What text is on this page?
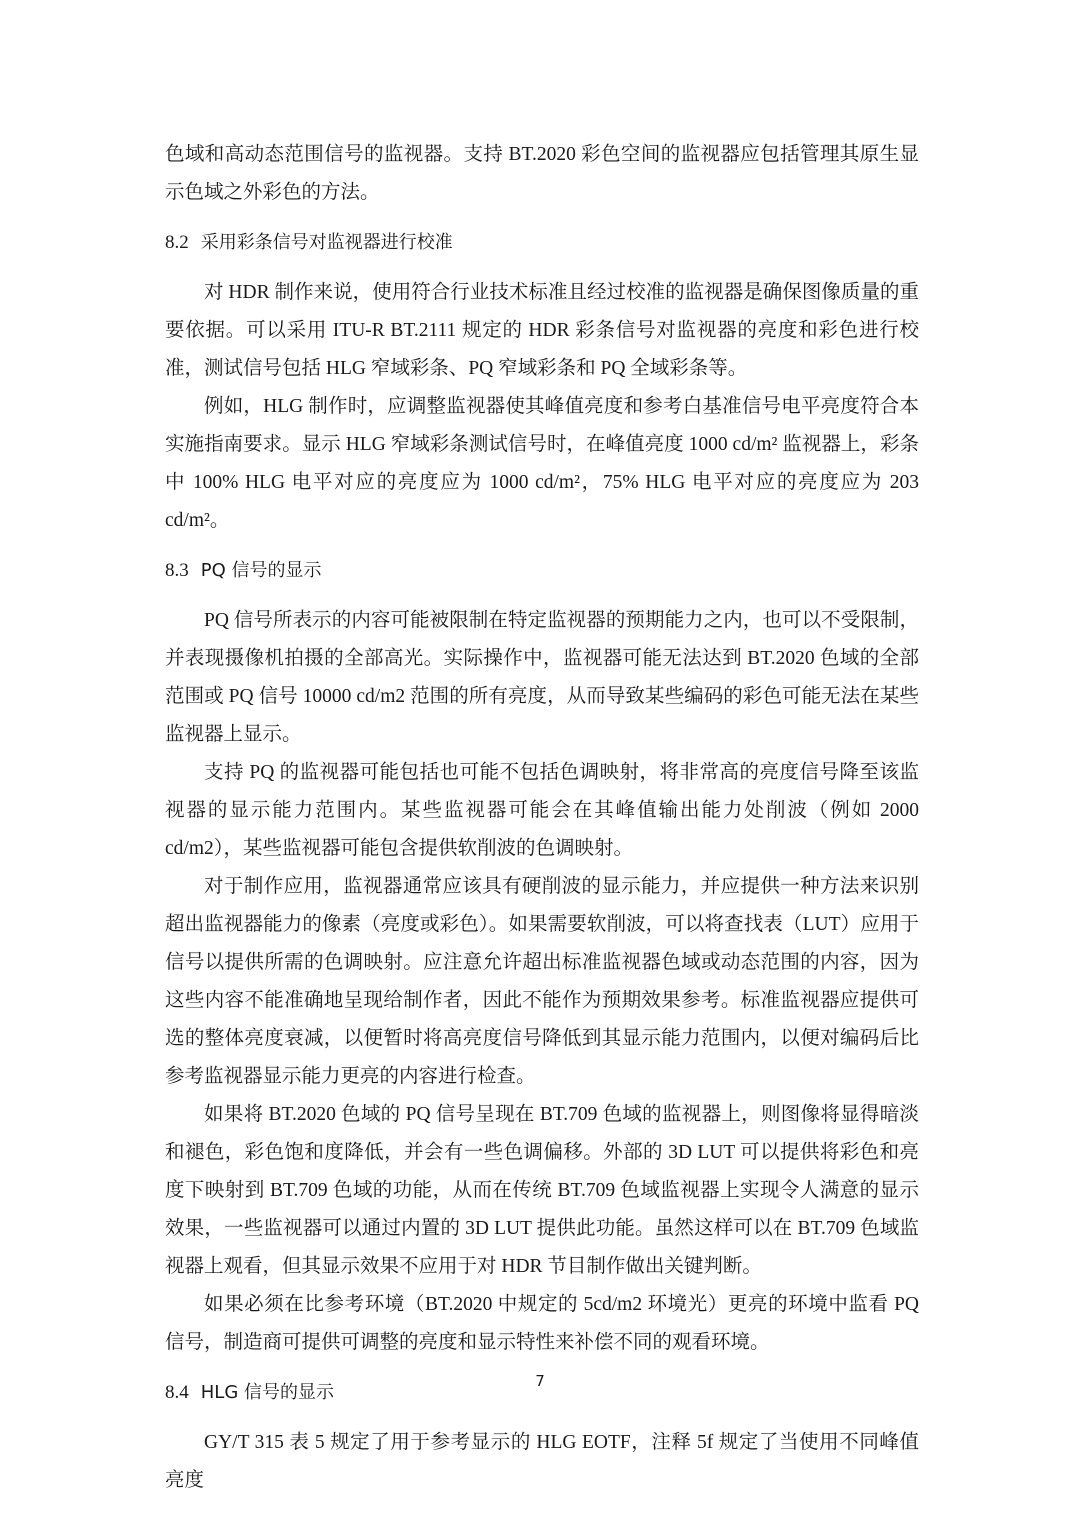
色域和高动态范围信号的监视器。支持 BT.2020 彩色空间的监视器应包括管理其原生显示色域之外彩色的方法。

8.2 采用彩条信号对监视器进行校准

对 HDR 制作来说，使用符合行业技术标准且经过校准的监视器是确保图像质量的重要依据。可以采用 ITU-R BT.2111 规定的 HDR 彩条信号对监视器的亮度和彩色进行校准，测试信号包括 HLG 窄域彩条、PQ 窄域彩条和 PQ 全域彩条等。

例如，HLG 制作时，应调整监视器使其峰值亮度和参考白基准信号电平亮度符合本实施指南要求。显示 HLG 窄域彩条测试信号时，在峰值亮度 1000 cd/m² 监视器上，彩条中 100% HLG 电平对应的亮度应为 1000 cd/m²，75% HLG 电平对应的亮度应为 203 cd/m²。

8.3 PQ 信号的显示

PQ 信号所表示的内容可能被限制在特定监视器的预期能力之内，也可以不受限制，并表现摄像机拍摄的全部高光。实际操作中，监视器可能无法达到 BT.2020 色域的全部范围或 PQ 信号 10000 cd/m2 范围的所有亮度，从而导致某些编码的彩色可能无法在某些监视器上显示。

支持 PQ 的监视器可能包括也可能不包括色调映射，将非常高的亮度信号降至该监视器的显示能力范围内。某些监视器可能会在其峰值输出能力处削波（例如 2000 cd/m2），某些监视器可能包含提供软削波的色调映射。

对于制作应用，监视器通常应该具有硬削波的显示能力，并应提供一种方法来识别超出监视器能力的像素（亮度或彩色）。如果需要软削波，可以将查找表（LUT）应用于信号以提供所需的色调映射。应注意允许超出标准监视器色域或动态范围的内容，因为这些内容不能准确地呈现给制作者，因此不能作为预期效果参考。标准监视器应提供可选的整体亮度衰减，以便暂时将高亮度信号降低到其显示能力范围内，以便对编码后比参考监视器显示能力更亮的内容进行检查。

如果将 BT.2020 色域的 PQ 信号呈现在 BT.709 色域的监视器上，则图像将显得暗淡和褪色，彩色饱和度降低，并会有一些色调偏移。外部的 3D LUT 可以提供将彩色和亮度下映射到 BT.709 色域的功能，从而在传统 BT.709 色域监视器上实现令人满意的显示效果，一些监视器可以通过内置的 3D LUT 提供此功能。虽然这样可以在 BT.709 色域监视器上观看，但其显示效果不应用于对 HDR 节目制作做出关键判断。

如果必须在比参考环境（BT.2020 中规定的 5cd/m2 环境光）更亮的环境中监看 PQ 信号，制造商可提供可调整的亮度和显示特性来补偿不同的观看环境。

8.4 HLG 信号的显示

GY/T 315 表 5 规定了用于参考显示的 HLG EOTF，注释 5f 规定了当使用不同峰值亮度

7
